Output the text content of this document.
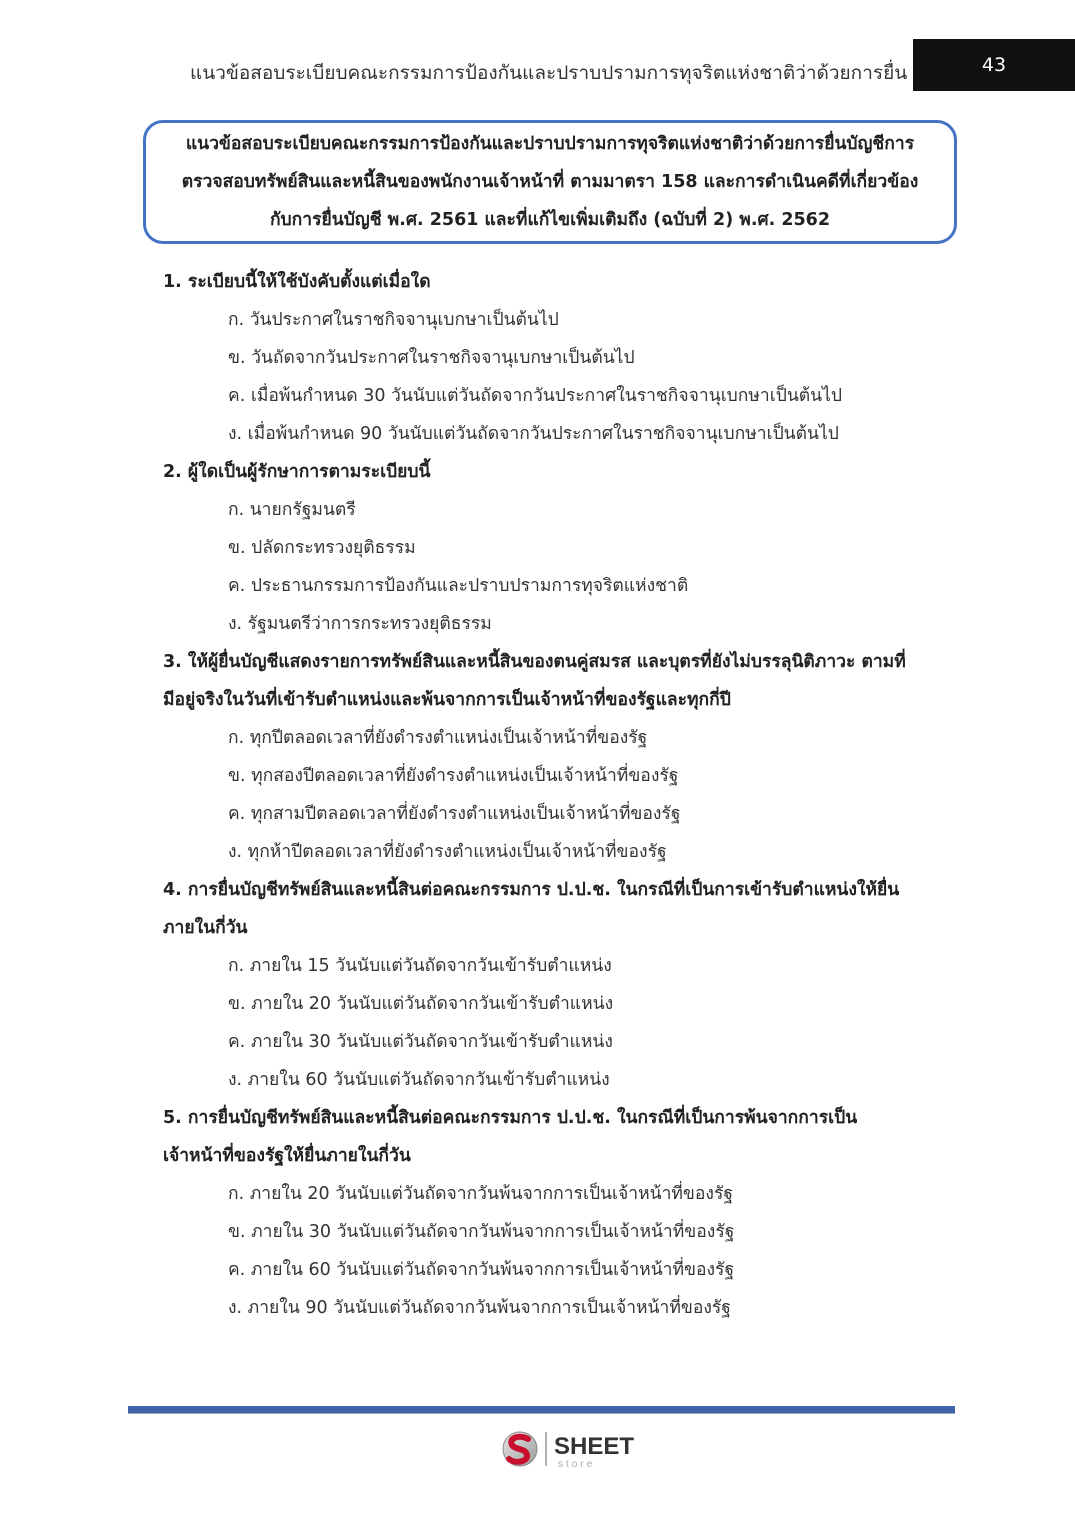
แนวข้อสอบระเบียบคณะกรรมการป้องกันและปราบปรามการทุจริตแห่งชาติว่าด้วยการยื่น	43
แนวข้อสอบระเบียบคณะกรรมการป้องกันและปราบปรามการทุจริตแห่งชาติว่าด้วยการยื่นบัญชีการ
ตรวจสอบทรัพย์สินและหนี้สินของพนักงานเจ้าหน้าที่ ตามมาตรา 158 และการดำเนินคดีที่เกี่ยวข้อง
กับการยื่นบัญชี พ.ศ. 2561 และที่แก้ไขเพิ่มเติมถึง (ฉบับที่ 2) พ.ศ. 2562
1. ระเบียบนี้ให้ใช้บังคับตั้งแต่เมื่อใด
ก. วันประกาศในราชกิจจานุเบกษาเป็นต้นไป
ข. วันถัดจากวันประกาศในราชกิจจานุเบกษาเป็นต้นไป
ค. เมื่อพ้นกำหนด 30 วันนับแต่วันถัดจากวันประกาศในราชกิจจานุเบกษาเป็นต้นไป
ง. เมื่อพ้นกำหนด 90 วันนับแต่วันถัดจากวันประกาศในราชกิจจานุเบกษาเป็นต้นไป
2. ผู้ใดเป็นผู้รักษาการตามระเบียบนี้
ก. นายกรัฐมนตรี
ข. ปลัดกระทรวงยุติธรรม
ค. ประธานกรรมการป้องกันและปราบปรามการทุจริตแห่งชาติ
ง. รัฐมนตรีว่าการกระทรวงยุติธรรม
3. ให้ผู้ยื่นบัญชีแสดงรายการทรัพย์สินและหนี้สินของตนคู่สมรส และบุตรที่ยังไม่บรรลุนิติภาวะ ตามที่
มีอยู่จริงในวันที่เข้ารับตำแหน่งและพ้นจากการเป็นเจ้าหน้าที่ของรัฐและทุกกี่ปี
ก. ทุกปีตลอดเวลาที่ยังดำรงตำแหน่งเป็นเจ้าหน้าที่ของรัฐ
ข. ทุกสองปีตลอดเวลาที่ยังดำรงตำแหน่งเป็นเจ้าหน้าที่ของรัฐ
ค. ทุกสามปีตลอดเวลาที่ยังดำรงตำแหน่งเป็นเจ้าหน้าที่ของรัฐ
ง. ทุกห้าปีตลอดเวลาที่ยังดำรงตำแหน่งเป็นเจ้าหน้าที่ของรัฐ
4. การยื่นบัญชีทรัพย์สินและหนี้สินต่อคณะกรรมการ ป.ป.ช. ในกรณีที่เป็นการเข้ารับตำแหน่งให้ยื่น
ภายในกี่วัน
ก. ภายใน 15 วันนับแต่วันถัดจากวันเข้ารับตำแหน่ง
ข. ภายใน 20 วันนับแต่วันถัดจากวันเข้ารับตำแหน่ง
ค. ภายใน 30 วันนับแต่วันถัดจากวันเข้ารับตำแหน่ง
ง. ภายใน 60 วันนับแต่วันถัดจากวันเข้ารับตำแหน่ง
5. การยื่นบัญชีทรัพย์สินและหนี้สินต่อคณะกรรมการ ป.ป.ช. ในกรณีที่เป็นการพ้นจากการเป็น
เจ้าหน้าที่ของรัฐให้ยื่นภายในกี่วัน
ก. ภายใน 20 วันนับแต่วันถัดจากวันพ้นจากการเป็นเจ้าหน้าที่ของรัฐ
ข. ภายใน 30 วันนับแต่วันถัดจากวันพ้นจากการเป็นเจ้าหน้าที่ของรัฐ
ค. ภายใน 60 วันนับแต่วันถัดจากวันพ้นจากการเป็นเจ้าหน้าที่ของรัฐ
ง. ภายใน 90 วันนับแต่วันถัดจากวันพ้นจากการเป็นเจ้าหน้าที่ของรัฐ
SHEET
store
